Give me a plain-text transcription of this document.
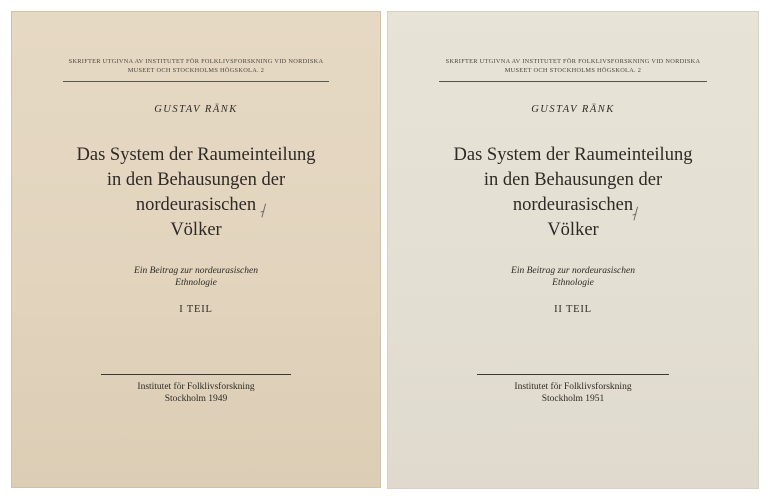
SKRIFTER UTGIVNA AV INSTITUTET FÖR FOLKLIVSFORSKNING VID NORDISKA MUSEET OCH STOCKHOLMS HÖGSKOLA. 2
GUSTAV RÄNK
Das System der Raumeinteilung
in den Behausungen der
nordeurasischen
Völker
Ein Beitrag zur nordeurasischen
Ethnologie
I TEIL
Institutet för Folklivsforskning
Stockholm 1949
SKRIFTER UTGIVNA AV INSTITUTET FÖR FOLKLIVSFORSKNING VID NORDISKA MUSEET OCH STOCKHOLMS HÖGSKOLA. 2
GUSTAV RÄNK
Das System der Raumeinteilung
in den Behausungen der
nordeurasischen
Völker
Ein Beitrag zur nordeurasischen
Ethnologie
II TEIL
Institutet för Folklivsforskning
Stockholm 1951
